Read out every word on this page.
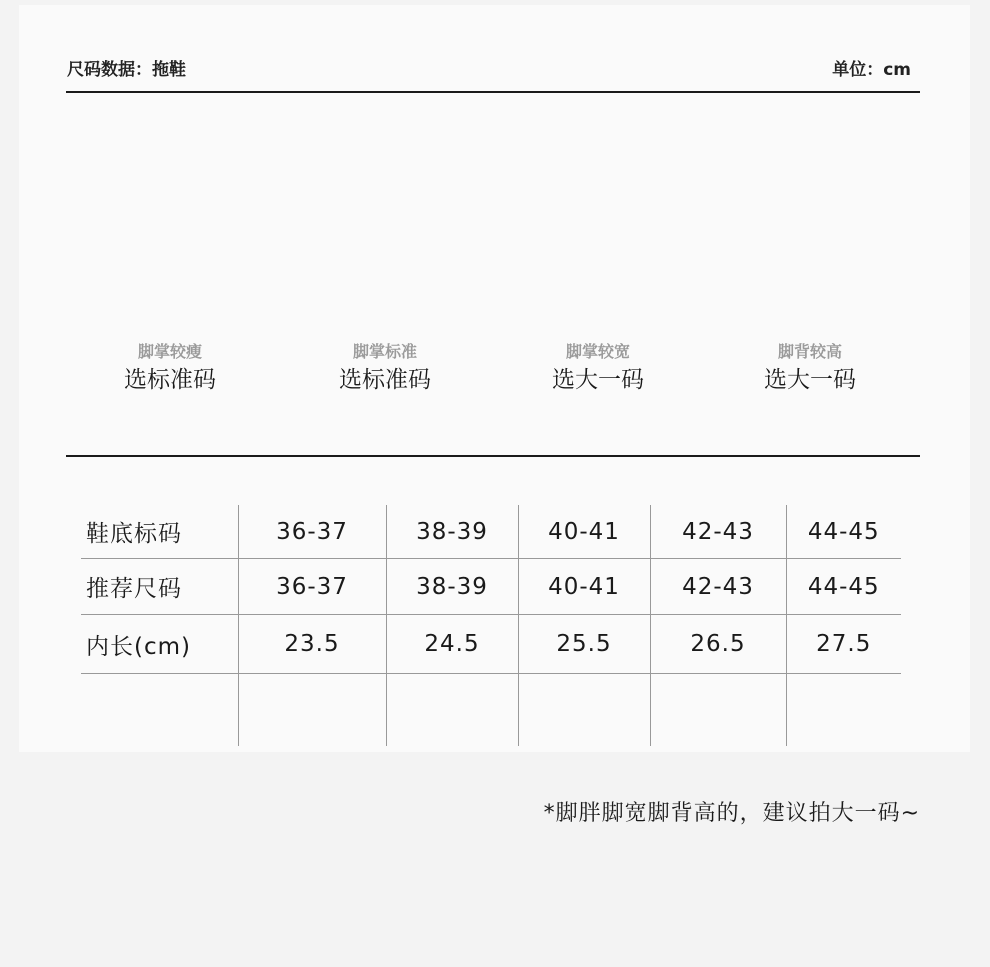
尺码数据：拖鞋	单位：cm
脚掌较瘦
选标准码
脚掌标准
选标准码
脚掌较宽
选大一码
脚背较高
选大一码
鞋底标码	36-37	38-39	40-41	42-43	44-45
推荐尺码	36-37	38-39	40-41	42-43	44-45
内长(cm)	23.5	24.5	25.5	26.5	27.5

*脚胖脚宽脚背高的，建议拍大一码~
